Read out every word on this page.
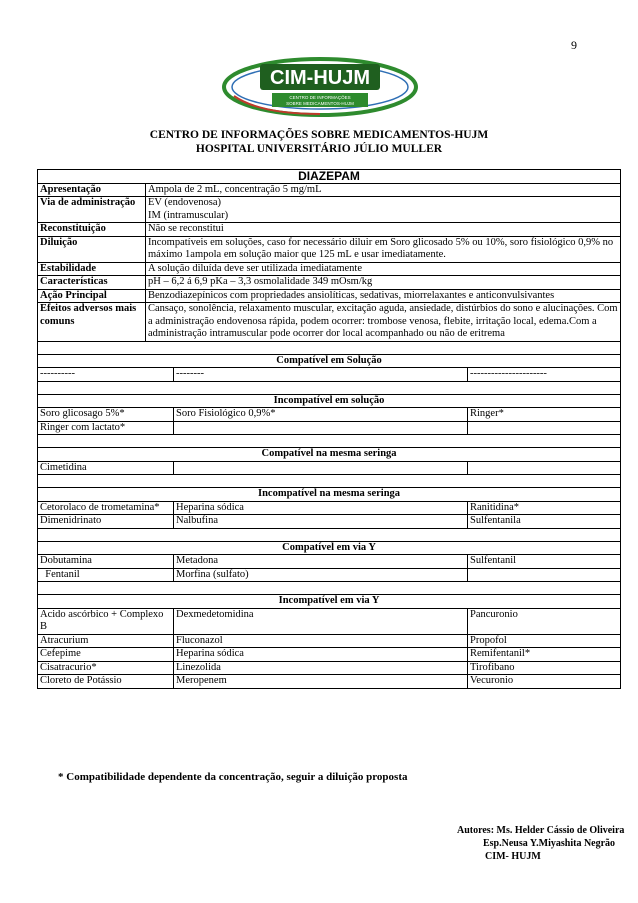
9
CIM-HUJM
CENTRO DE INFORMAÇÕES
SOBRE MEDICAMENTOS-HUJM
CENTRO DE INFORMAÇÕES SOBRE MEDICAMENTOS-HUJM
HOSPITAL UNIVERSITÁRIO JÚLIO MULLER
DIAZEPAM			
Apresentação	Ampola de 2 mL, concentração 5 mg/mL		
Via de administração	EV (endovenosa)
IM (intramuscular)		
Reconstituição	Não se reconstitui		
Diluição	Incompatíveis em soluções, caso for necessário diluir em Soro glicosado 5% ou 10%, soro fisiológico 0,9% no máximo 1ampola em solução maior que 125 mL e usar imediatamente.		
Estabilidade	A solução diluída deve ser utilizada imediatamente		
Características	pH – 6,2 á 6,9 pKa – 3,3 osmolalidade 349 mOsm/kg		
Ação Principal	Benzodiazepínicos com propriedades ansiolíticas, sedativas, miorrelaxantes e anticonvulsivantes		
Efeitos adversos mais comuns	Cansaço, sonolência, relaxamento muscular, excitação aguda, ansiedade, distúrbios do sono e alucinações. Com a administração endovenosa rápida, podem ocorrer: trombose venosa, flebite, irritação local, edema.Com a administração intramuscular pode ocorrer dor local acompanhado ou não de eritrema		

Compatível em Solução			
----------		--------	----------------------

Incompatível em solução			
Soro glicosago 5%*		Soro Fisiológico 0,9%*	Ringer*
Ringer com lactato*			

Compatível na mesma seringa			
Cimetidina			

Incompatível na mesma seringa			
Cetorolaco de trometamina*		Heparina sódica	Ranitidina*
Dimenidrinato		Nalbufina	Sulfentanila

Compatível em via Y			
Dobutamina		Metadona	Sulfentanil
Fentanil		Morfina (sulfato)	

Incompatível em via Y			
Acido ascórbico + Complexo B		Dexmedetomidina	Pancuronio
Atracurium		Fluconazol	Propofol
Cefepime		Heparina sódica	Remifentanil*
Cisatracurio*		Linezolida	Tirofibano
Cloreto de Potássio		Meropenem	Vecuronio
* Compatibilidade dependente da concentração, seguir a diluição proposta
Autores: Ms. Helder Cássio de Oliveira
Esp.Neusa Y.Miyashita Negrão
CIM- HUJM
